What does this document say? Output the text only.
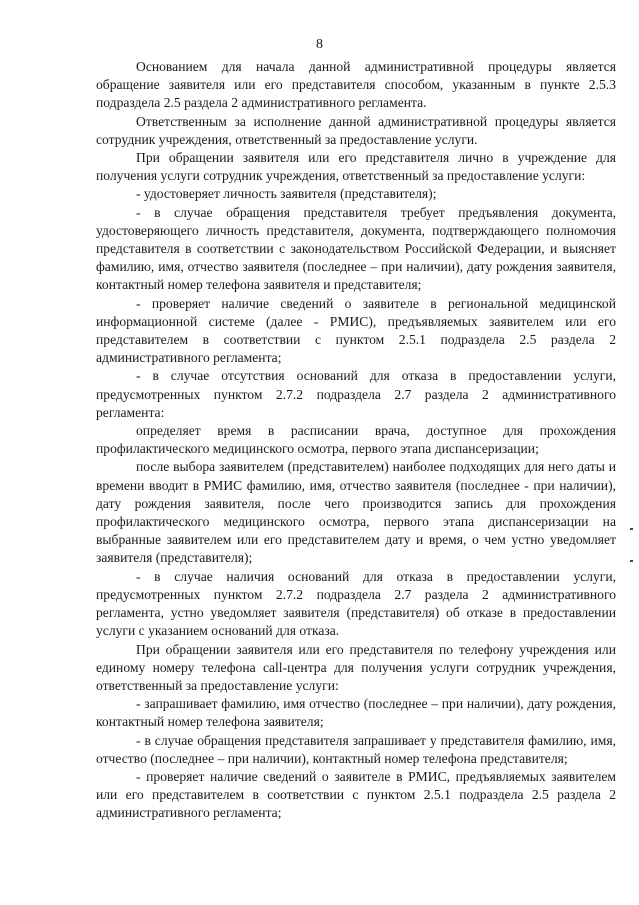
8

Основанием для начала данной административной процедуры является обращение заявителя или его представителя способом, указанным в пункте 2.5.3 подраздела 2.5 раздела 2 административного регламента.

Ответственным за исполнение данной административной процедуры является сотрудник учреждения, ответственный за предоставление услуги.

При обращении заявителя или его представителя лично в учреждение для получения услуги сотрудник учреждения, ответственный за предоставление услуги:

- удостоверяет личность заявителя (представителя);

- в случае обращения представителя требует предъявления документа, удостоверяющего личность представителя, документа, подтверждающего полномочия представителя в соответствии с законодательством Российской Федерации, и выясняет фамилию, имя, отчество заявителя (последнее – при наличии), дату рождения заявителя, контактный номер телефона заявителя и представителя;

- проверяет наличие сведений о заявителе в региональной медицинской информационной системе (далее - РМИС), предъявляемых заявителем или его представителем в соответствии с пунктом 2.5.1 подраздела 2.5 раздела 2 административного регламента;

- в случае отсутствия оснований для отказа в предоставлении услуги, предусмотренных пунктом 2.7.2 подраздела 2.7 раздела 2 административного регламента:

определяет время в расписании врача, доступное для прохождения профилактического медицинского осмотра, первого этапа диспансеризации;

после выбора заявителем (представителем) наиболее подходящих для него даты и времени вводит в РМИС фамилию, имя, отчество заявителя (последнее - при наличии), дату рождения заявителя, после чего производится запись для прохождения профилактического медицинского осмотра, первого этапа диспансеризации на выбранные заявителем или его представителем дату и время, о чем устно уведомляет заявителя (представителя);

- в случае наличия оснований для отказа в предоставлении услуги, предусмотренных пунктом 2.7.2 подраздела 2.7 раздела 2 административного регламента, устно уведомляет заявителя (представителя) об отказе в предоставлении услуги с указанием оснований для отказа.

При обращении заявителя или его представителя по телефону учреждения или единому номеру телефона call-центра для получения услуги сотрудник учреждения, ответственный за предоставление услуги:

- запрашивает фамилию, имя отчество (последнее – при наличии), дату рождения, контактный номер телефона заявителя;

- в случае обращения представителя запрашивает у представителя фамилию, имя, отчество (последнее – при наличии), контактный номер телефона представителя;

- проверяет наличие сведений о заявителе в РМИС, предъявляемых заявителем или его представителем в соответствии с пунктом 2.5.1 подраздела 2.5 раздела 2 административного регламента;
